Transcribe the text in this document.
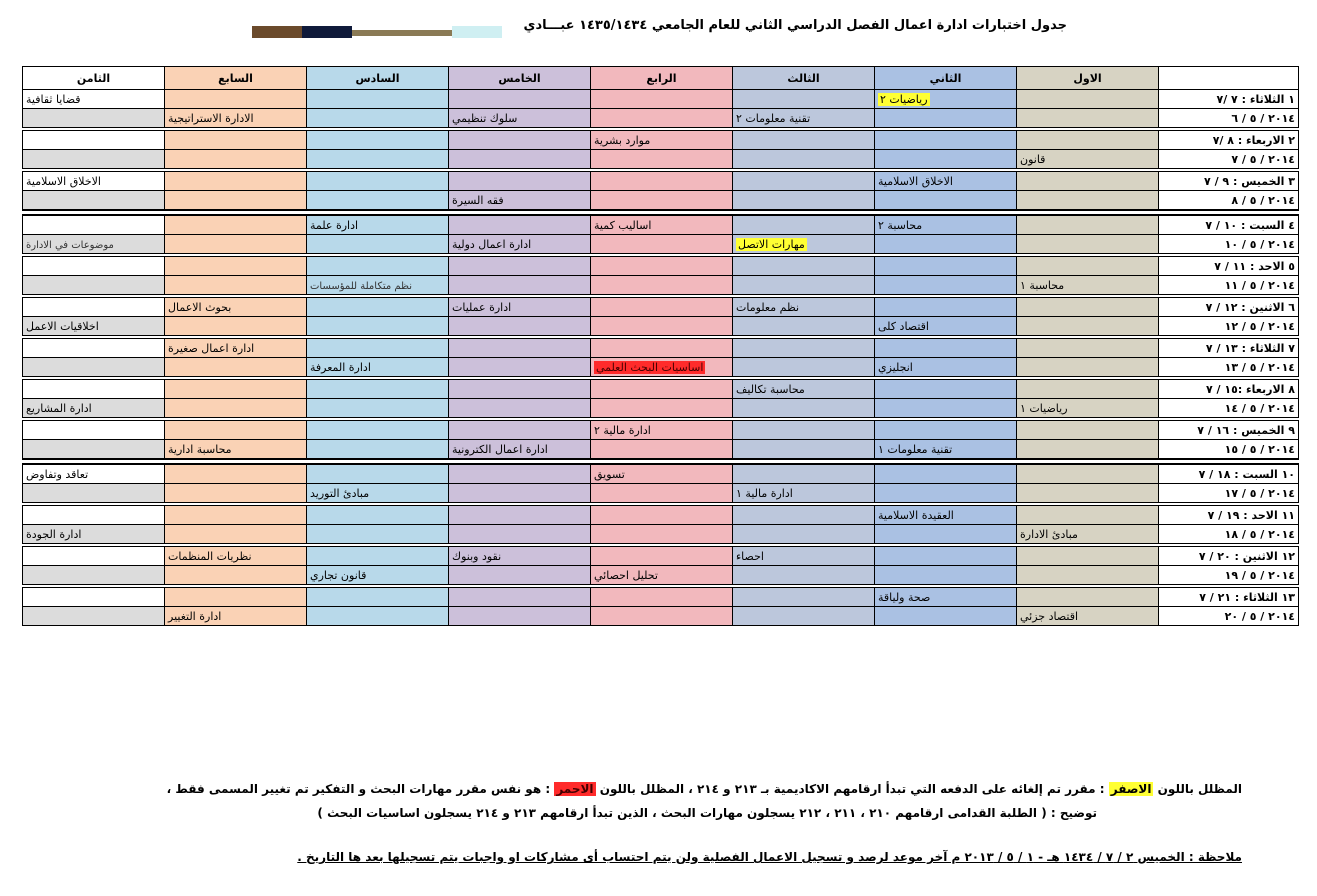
جدول اختبارات ادارة اعمال الفصل الدراسي الثاني للعام الجامعي ١٤٣٥/١٤٣٤ عبـــادي
	الاول	الثاني	الثالث	الرابع	الخامس	السادس	السابع	الثامن
١ الثلاثاء : ٧ /٧		رياضيات ٢						قضايا ثقافية
٢٠١٤ / ٥ / ٦			تقنية معلومات ٢		سلوك تنظيمي		الادارة الاستراتيجية	

٢ الاربعاء : ٨ /٧				موارد بشرية				
٢٠١٤ / ٥ / ٧	قانون							

٣ الخميس : ٩ / ٧		الاخلاق الاسلامية						الاخلاق الاسلامية
٢٠١٤ / ٥ / ٨					فقه السيرة			

٤ السبت : ١٠ / ٧		محاسبة ٢		اساليب كمية		ادارة علمة		
٢٠١٤ / ٥ / ١٠			مهارات الاتصل		ادارة اعمال دولية			موضوعات في الادارة

٥ الاحد : ١١ / ٧								
٢٠١٤ / ٥ / ١١	محاسبة ١					نظم متكاملة للمؤسسات		

٦ الاثنين : ١٢ / ٧			نظم معلومات		ادارة عمليات		بحوث الاعمال	
٢٠١٤ / ٥ / ١٢		اقتصاد كلى						اخلاقيات الاعمل

٧ الثلاثاء : ١٣ / ٧							ادارة اعمال صغيرة	
٢٠١٤ / ٥ / ١٣		انجليزي		اساسيات البحث العلمي		ادارة المعرفة		

٨ الاربعاء :١٥ / ٧			محاسبة تكاليف					
٢٠١٤ / ٥ / ١٤	رياضيات ١							ادارة المشاريع

٩ الخميس : ١٦ / ٧				ادارة مالية ٢				
٢٠١٤ / ٥ / ١٥		تقنية معلومات ١			ادارة اعمال الكترونية		محاسبة ادارية	

١٠ السبت : ١٨ / ٧				تسويق				تعاقد وتفاوض
٢٠١٤ / ٥ / ١٧			ادارة مالية ١			مبادئ التوريد		

١١ الاحد : ١٩ / ٧		العقيدة الاسلامية						
٢٠١٤ / ٥ / ١٨	مبادئ الادارة							ادارة الجودة

١٢ الاثنين : ٢٠ / ٧			احصاء		نقود وبنوك		نظريات المنظمات	
٢٠١٤ / ٥ / ١٩				تحليل احصائي		قانون تجاري		

١٣ الثلاثاء : ٢١ / ٧		صحة ولياقة						
٢٠١٤ / ٥ / ٢٠	اقتصاد جزئي						ادارة التغيير	
المظلل باللون الاصفر : مقرر تم إلغائه على الدفعه التي تبدأ ارقامهم الاكاديمية بـ ٢١٣ و ٢١٤ ، المظلل باللون الاحمر : هو نفس مقرر مهارات البحث و التفكير تم تغيير المسمى فقط ،
توضيح : ( الطلبة القدامى ارقامهم ٢١٠ ، ٢١١ ، ٢١٢ يسجلون مهارات البحث ، الذين تبدأ ارقامهم ٢١٣ و ٢١٤ يسجلون اساسيات البحث )
ملاحظة : الخميس ٢ / ٧ / ١٤٣٤ هـ - ١ / ٥ / ٢٠١٣ م آخر موعد لرصد و تسجيل الاعمال الفصلية ولن يتم احتساب أى مشاركات او واجبات يتم تسجيلها بعد ها التاريخ .
